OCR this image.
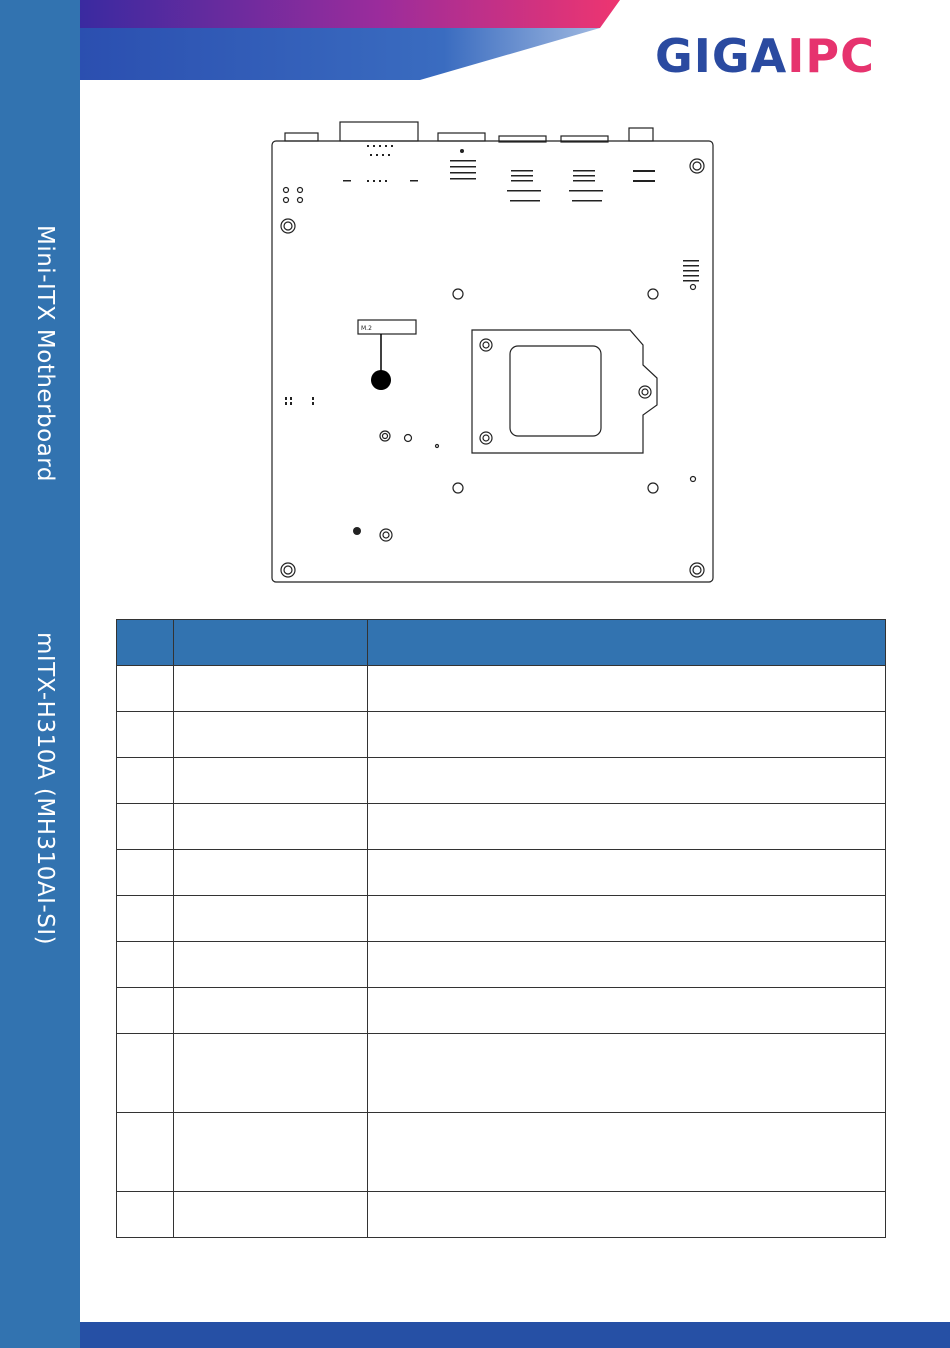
Mini-ITX Motherboard
mITX-H310A (MH310AI-SI)
GIGAIPC
M.2
